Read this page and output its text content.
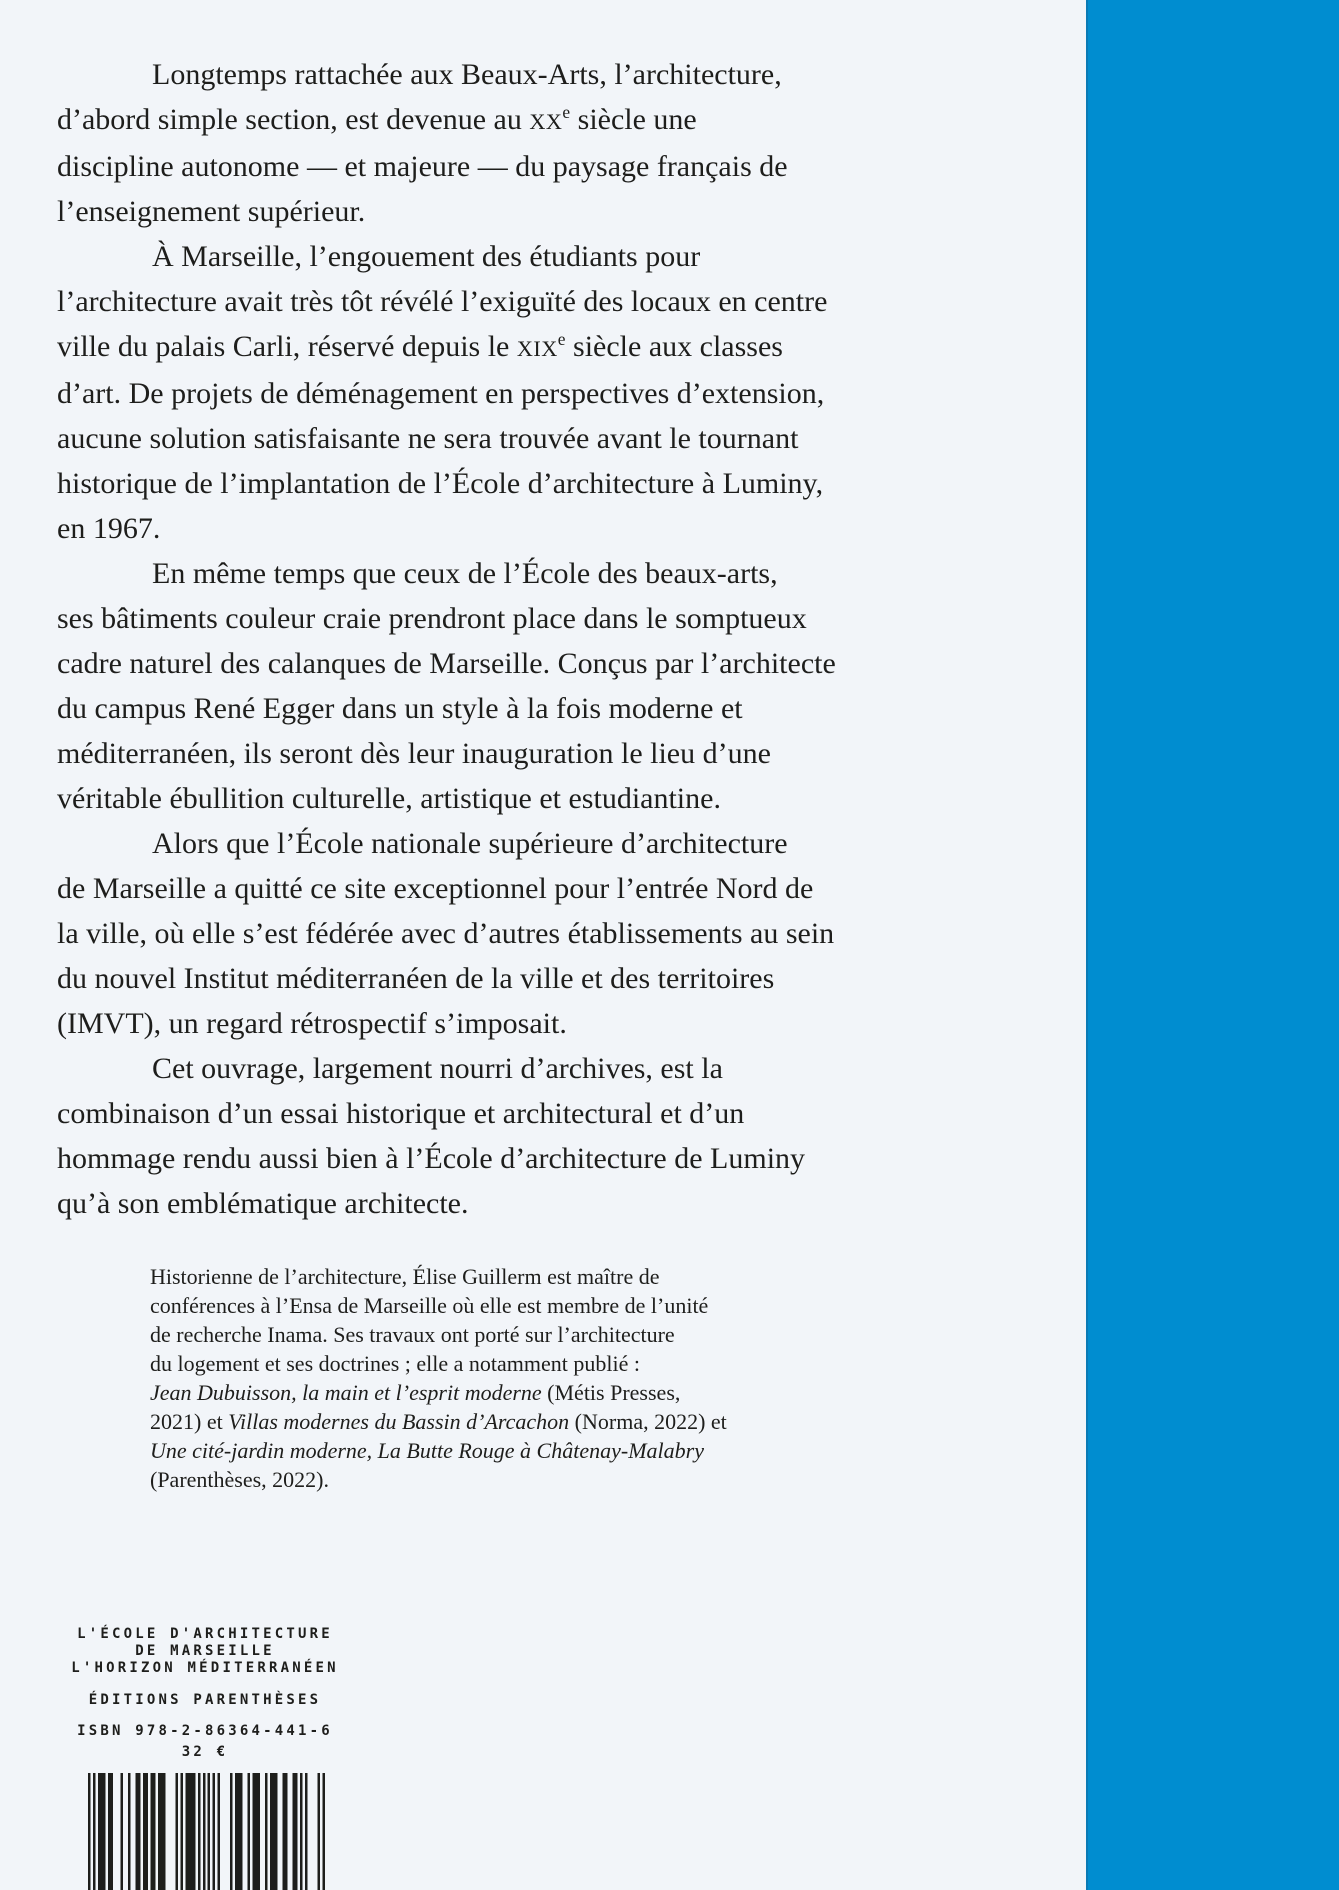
Longtemps rattachée aux Beaux-Arts, l’architecture,
d’abord simple section, est devenue au XXe siècle une
discipline autonome — et majeure — du paysage français de
l’enseignement supérieur.
À Marseille, l’engouement des étudiants pour
l’architecture avait très tôt révélé l’exiguïté des locaux en centre
ville du palais Carli, réservé depuis le XIXe siècle aux classes
d’art. De projets de déménagement en perspectives d’extension,
aucune solution satisfaisante ne sera trouvée avant le tournant
historique de l’implantation de l’École d’architecture à Luminy,
en 1967.
En même temps que ceux de l’École des beaux-arts,
ses bâtiments couleur craie prendront place dans le somptueux
cadre naturel des calanques de Marseille. Conçus par l’architecte
du campus René Egger dans un style à la fois moderne et
méditerranéen, ils seront dès leur inauguration le lieu d’une
véritable ébullition culturelle, artistique et estudiantine.
Alors que l’École nationale supérieure d’architecture
de Marseille a quitté ce site exceptionnel pour l’entrée Nord de
la ville, où elle s’est fédérée avec d’autres établissements au sein
du nouvel Institut méditerranéen de la ville et des territoires
(IMVT), un regard rétrospectif s’imposait.
Cet ouvrage, largement nourri d’archives, est la
combinaison d’un essai historique et architectural et d’un
hommage rendu aussi bien à l’École d’architecture de Luminy
qu’à son emblématique architecte.
Historienne de l’architecture, Élise Guillerm est maître de
conférences à l’Ensa de Marseille où elle est membre de l’unité
de recherche Inama. Ses travaux ont porté sur l’architecture
du logement et ses doctrines ; elle a notamment publié :
Jean Dubuisson, la main et l’esprit moderne (Métis Presses,
2021) et Villas modernes du Bassin d’Arcachon (Norma, 2022) et
Une cité-jardin moderne, La Butte Rouge à Châtenay-Malabry
(Parenthèses, 2022).
L'ÉCOLE D'ARCHITECTURE
DE MARSEILLE
L'HORIZON MÉDITERRANÉEN
ÉDITIONS PARENTHÈSES
ISBN 978-2-86364-441-6
32 €
